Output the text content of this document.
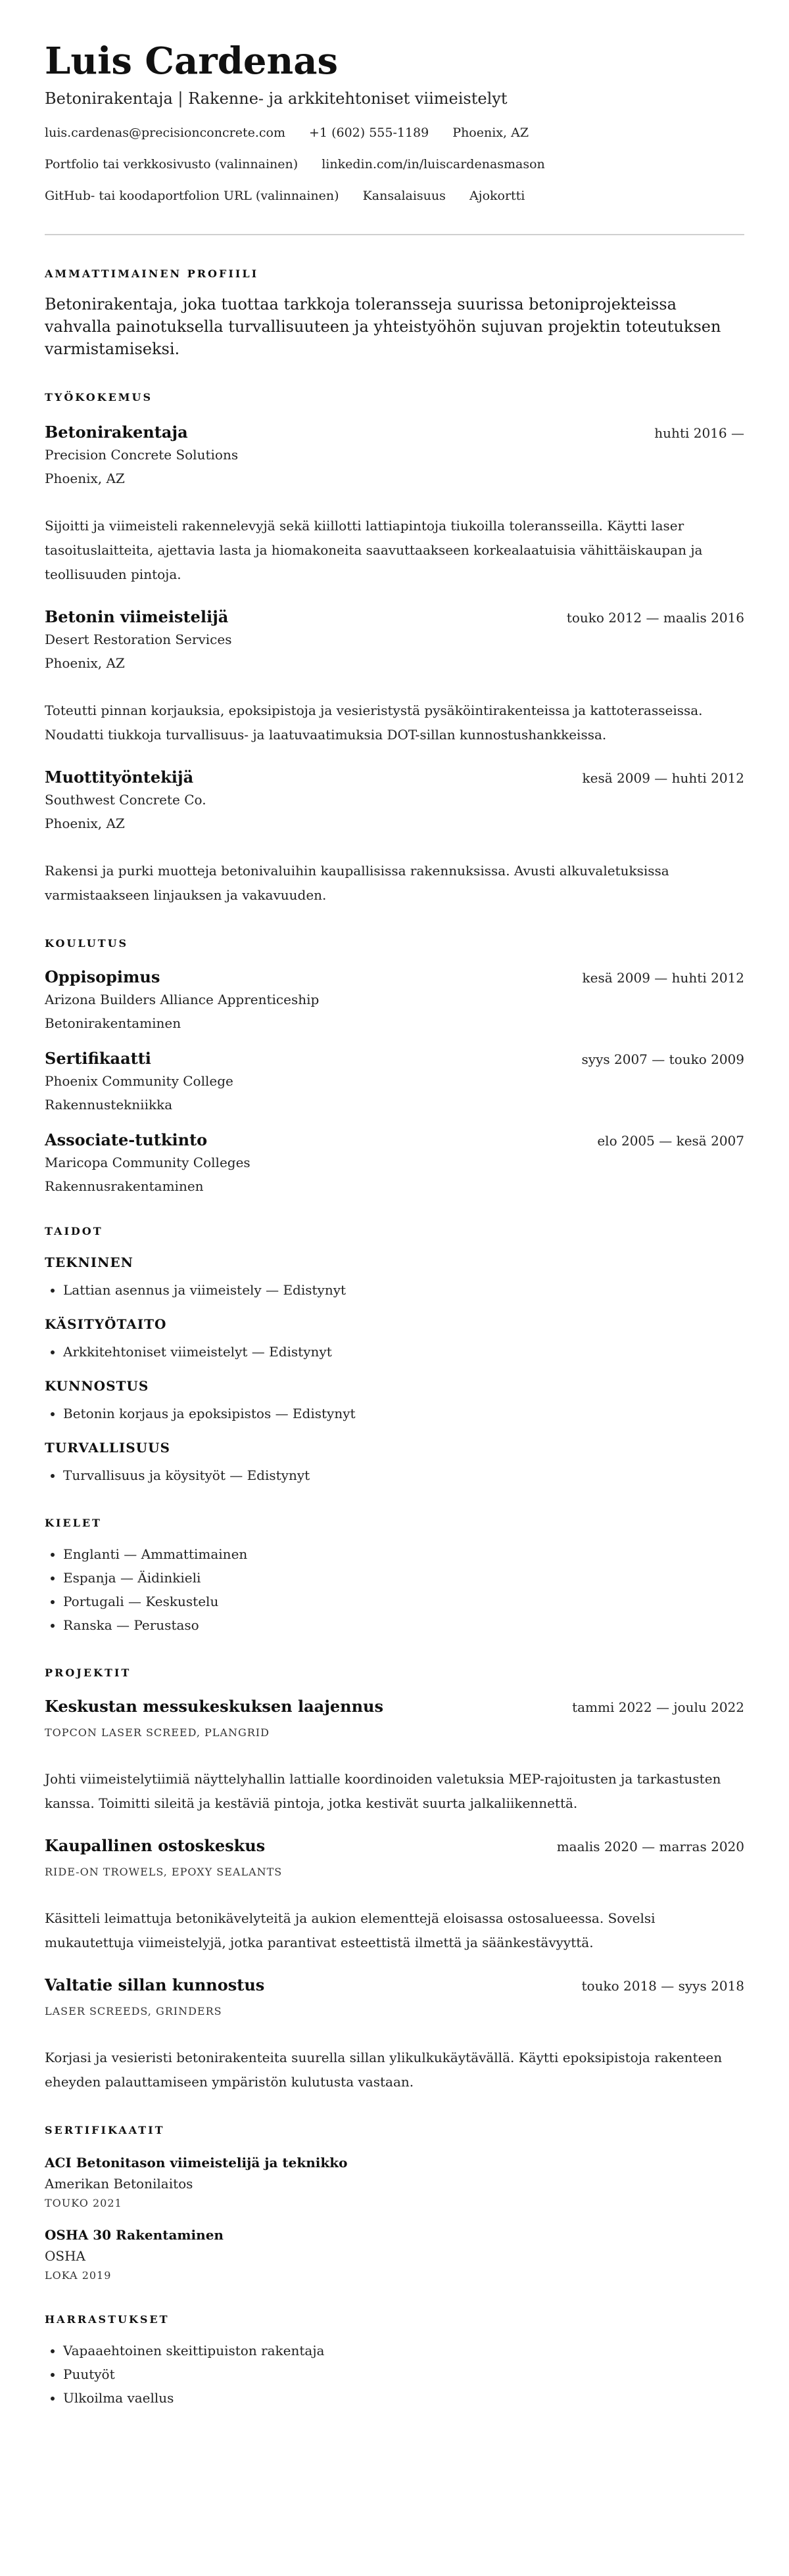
Luis Cardenas
Betonirakentaja | Rakenne- ja arkkitehtoniset viimeistelyt
luis.cardenas@precisionconcrete.com +1 (602) 555-1189 Phoenix, AZ
Portfolio tai verkkosivusto (valinnainen) linkedin.com/in/luiscardenasmason
GitHub- tai koodaportfolion URL (valinnainen) Kansalaisuus Ajokortti
AMMATTIMAINEN PROFIILI
Betonirakentaja, joka tuottaa tarkkoja toleransseja suurissa betoniprojekteissa vahvalla painotuksella turvallisuuteen ja yhteistyöhön sujuvan projektin toteutuksen varmistamiseksi.
TYÖKOKEMUS
Betonirakentaja	huhti 2016 —
Precision Concrete Solutions
Phoenix, AZ
Sijoitti ja viimeisteli rakennelevyjä sekä kiillotti lattiapintoja tiukoilla toleransseilla. Käytti laser tasoituslaitteita, ajettavia lasta ja hiomakoneita saavuttaakseen korkealaatuisia vähittäiskaupan ja teollisuuden pintoja.
Betonin viimeistelijä	touko 2012 — maalis 2016
Desert Restoration Services
Phoenix, AZ
Toteutti pinnan korjauksia, epoksipistoja ja vesieristystä pysäköintirakenteissa ja kattoterasseissa. Noudatti tiukkoja turvallisuus- ja laatuvaatimuksia DOT-sillan kunnostushankkeissa.
Muottityöntekijä	kesä 2009 — huhti 2012
Southwest Concrete Co.
Phoenix, AZ
Rakensi ja purki muotteja betonivaluihin kaupallisissa rakennuksissa. Avusti alkuvaletuksissa varmistaakseen linjauksen ja vakavuuden.
KOULUTUS
Oppisopimus	kesä 2009 — huhti 2012
Arizona Builders Alliance Apprenticeship
Betonirakentaminen
Sertifikaatti	syys 2007 — touko 2009
Phoenix Community College
Rakennustekniikka
Associate-tutkinto	elo 2005 — kesä 2007
Maricopa Community Colleges
Rakennusrakentaminen
TAIDOT
TEKNINEN
• Lattian asennus ja viimeistely — Edistynyt
KÄSITYÖTAITO
• Arkkitehtoniset viimeistelyt — Edistynyt
KUNNOSTUS
• Betonin korjaus ja epoksipistos — Edistynyt
TURVALLISUUS
• Turvallisuus ja köysityöt — Edistynyt
KIELET
• Englanti — Ammattimainen
• Espanja — Äidinkieli
• Portugali — Keskustelu
• Ranska — Perustaso
PROJEKTIT
Keskustan messukeskuksen laajennus	tammi 2022 — joulu 2022
TOPCON LASER SCREED, PLANGRID
Johti viimeistelytiimiä näyttelyhallin lattialle koordinoiden valetuksia MEP-rajoitusten ja tarkastusten kanssa. Toimitti sileitä ja kestäviä pintoja, jotka kestivät suurta jalkaliikennettä.
Kaupallinen ostoskeskus	maalis 2020 — marras 2020
RIDE-ON TROWELS, EPOXY SEALANTS
Käsitteli leimattuja betonikävelyteitä ja aukion elementtejä eloisassa ostosalueessa. Sovelsi mukautettuja viimeistelyjä, jotka parantivat esteettistä ilmettä ja säänkestävyyttä.
Valtatie sillan kunnostus	touko 2018 — syys 2018
LASER SCREEDS, GRINDERS
Korjasi ja vesieristi betonirakenteita suurella sillan ylikulkukäytävällä. Käytti epoksipistoja rakenteen eheyden palauttamiseen ympäristön kulutusta vastaan.
SERTIFIKAATIT
ACI Betonitason viimeistelijä ja teknikko
Amerikan Betonilaitos
TOUKO 2021
OSHA 30 Rakentaminen
OSHA
LOKA 2019
HARRASTUKSET
• Vapaaehtoinen skeittipuiston rakentaja
• Puutyöt
• Ulkoilma vaellus
